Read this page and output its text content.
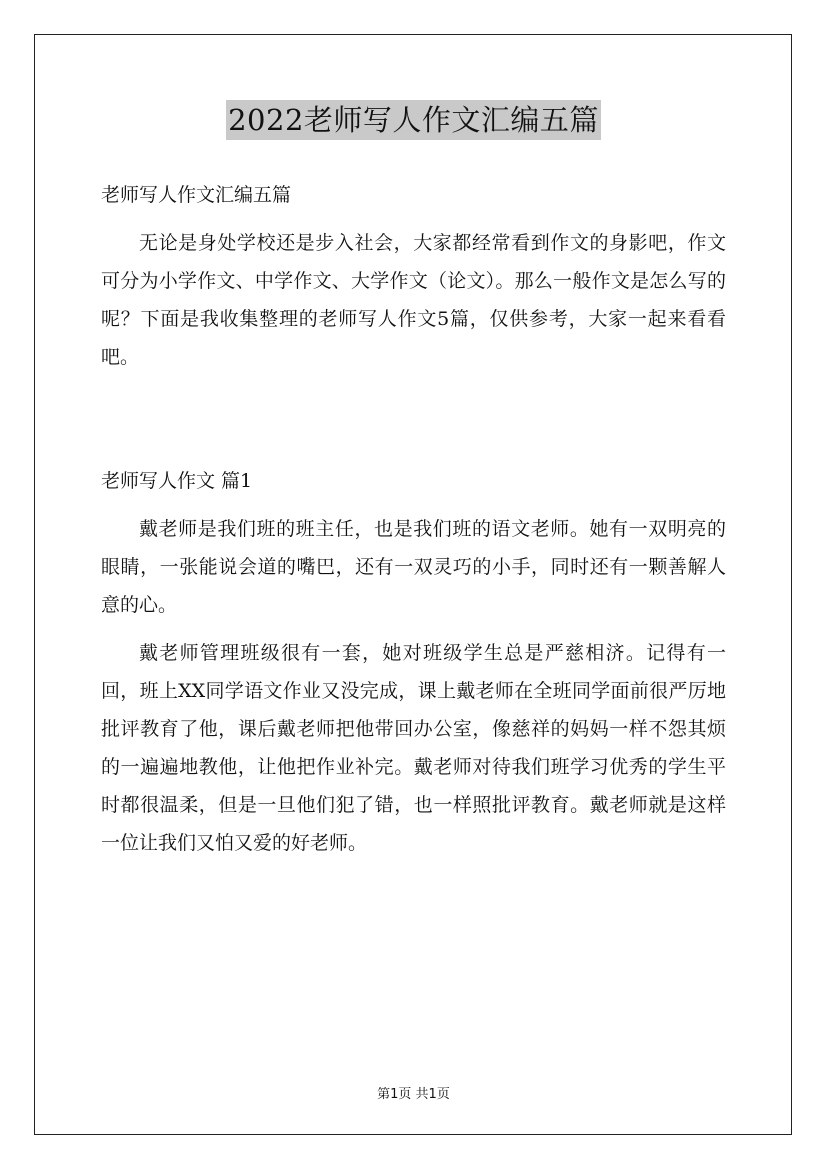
2022老师写人作文汇编五篇

老师写人作文汇编五篇

无论是身处学校还是步入社会，大家都经常看到作文的身影吧，作文可分为小学作文、中学作文、大学作文（论文）。那么一般作文是怎么写的呢？下面是我收集整理的老师写人作文5篇，仅供参考，大家一起来看看吧。

老师写人作文 篇1

戴老师是我们班的班主任，也是我们班的语文老师。她有一双明亮的眼睛，一张能说会道的嘴巴，还有一双灵巧的小手，同时还有一颗善解人意的心。

戴老师管理班级很有一套，她对班级学生总是严慈相济。记得有一回，班上XX同学语文作业又没完成，课上戴老师在全班同学面前很严厉地批评教育了他，课后戴老师把他带回办公室，像慈祥的妈妈一样不怨其烦的一遍遍地教他，让他把作业补完。戴老师对待我们班学习优秀的学生平时都很温柔，但是一旦他们犯了错，也一样照批评教育。戴老师就是这样一位让我们又怕又爱的好老师。

第1页 共1页
